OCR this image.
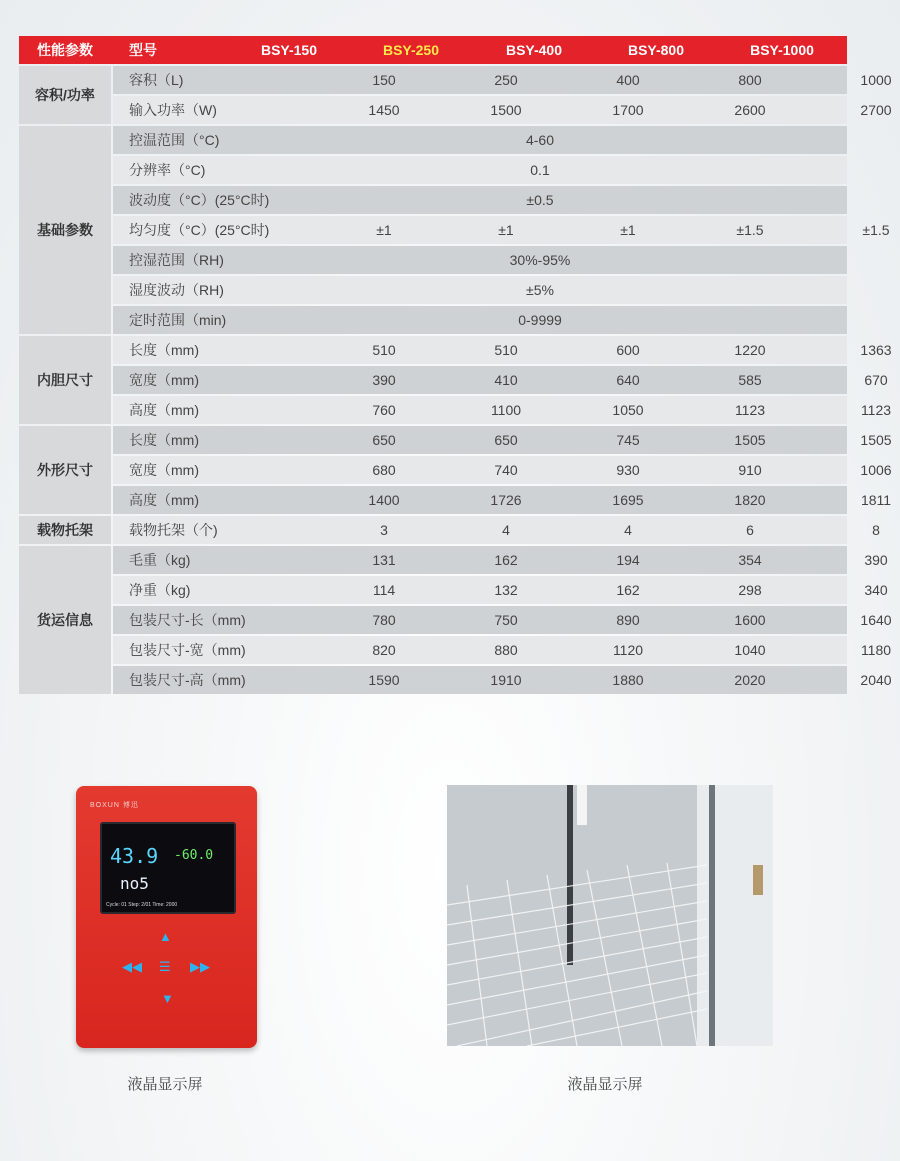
性能参数	型号	BSY-150	BSY-250	BSY-400	BSY-800	BSY-1000
容积/功率
容积（L)	150	250	400	800	1000
输入功率（W)	1450	1500	1700	2600	2700
基础参数
控温范围（°C)	4-60
分辨率（°C)	0.1
波动度（°C）(25°C时)	±0.5
均匀度（°C）(25°C时)	±1	±1	±1	±1.5	±1.5
控湿范围（RH)	30%-95%
湿度波动（RH)	±5%
定时范围（min)	0-9999
内胆尺寸
长度（mm)	510	510	600	1220	1363
宽度（mm)	390	410	640	585	670
高度（mm)	760	1100	1050	1123	1123
外形尺寸
长度（mm)	650	650	745	1505	1505
宽度（mm)	680	740	930	910	1006
高度（mm)	1400	1726	1695	1820	1811
载物托架	载物托架（个)	3	4	4	6	8
货运信息
毛重（kg)	131	162	194	354	390
净重（kg)	114	132	162	298	340
包装尺寸-长（mm)	780	750	890	1600	1640
包装尺寸-宽（mm)	820	880	1120	1040	1180
包装尺寸-高（mm)	1590	1910	1880	2020	2040
BOXUN 博迅
43.9 -60.0
no5
Cycle: 01 Step: 2/01 Time: 2000
▲
◀◀ ☰ ▶▶
▼
液晶显示屏	液晶显示屏
